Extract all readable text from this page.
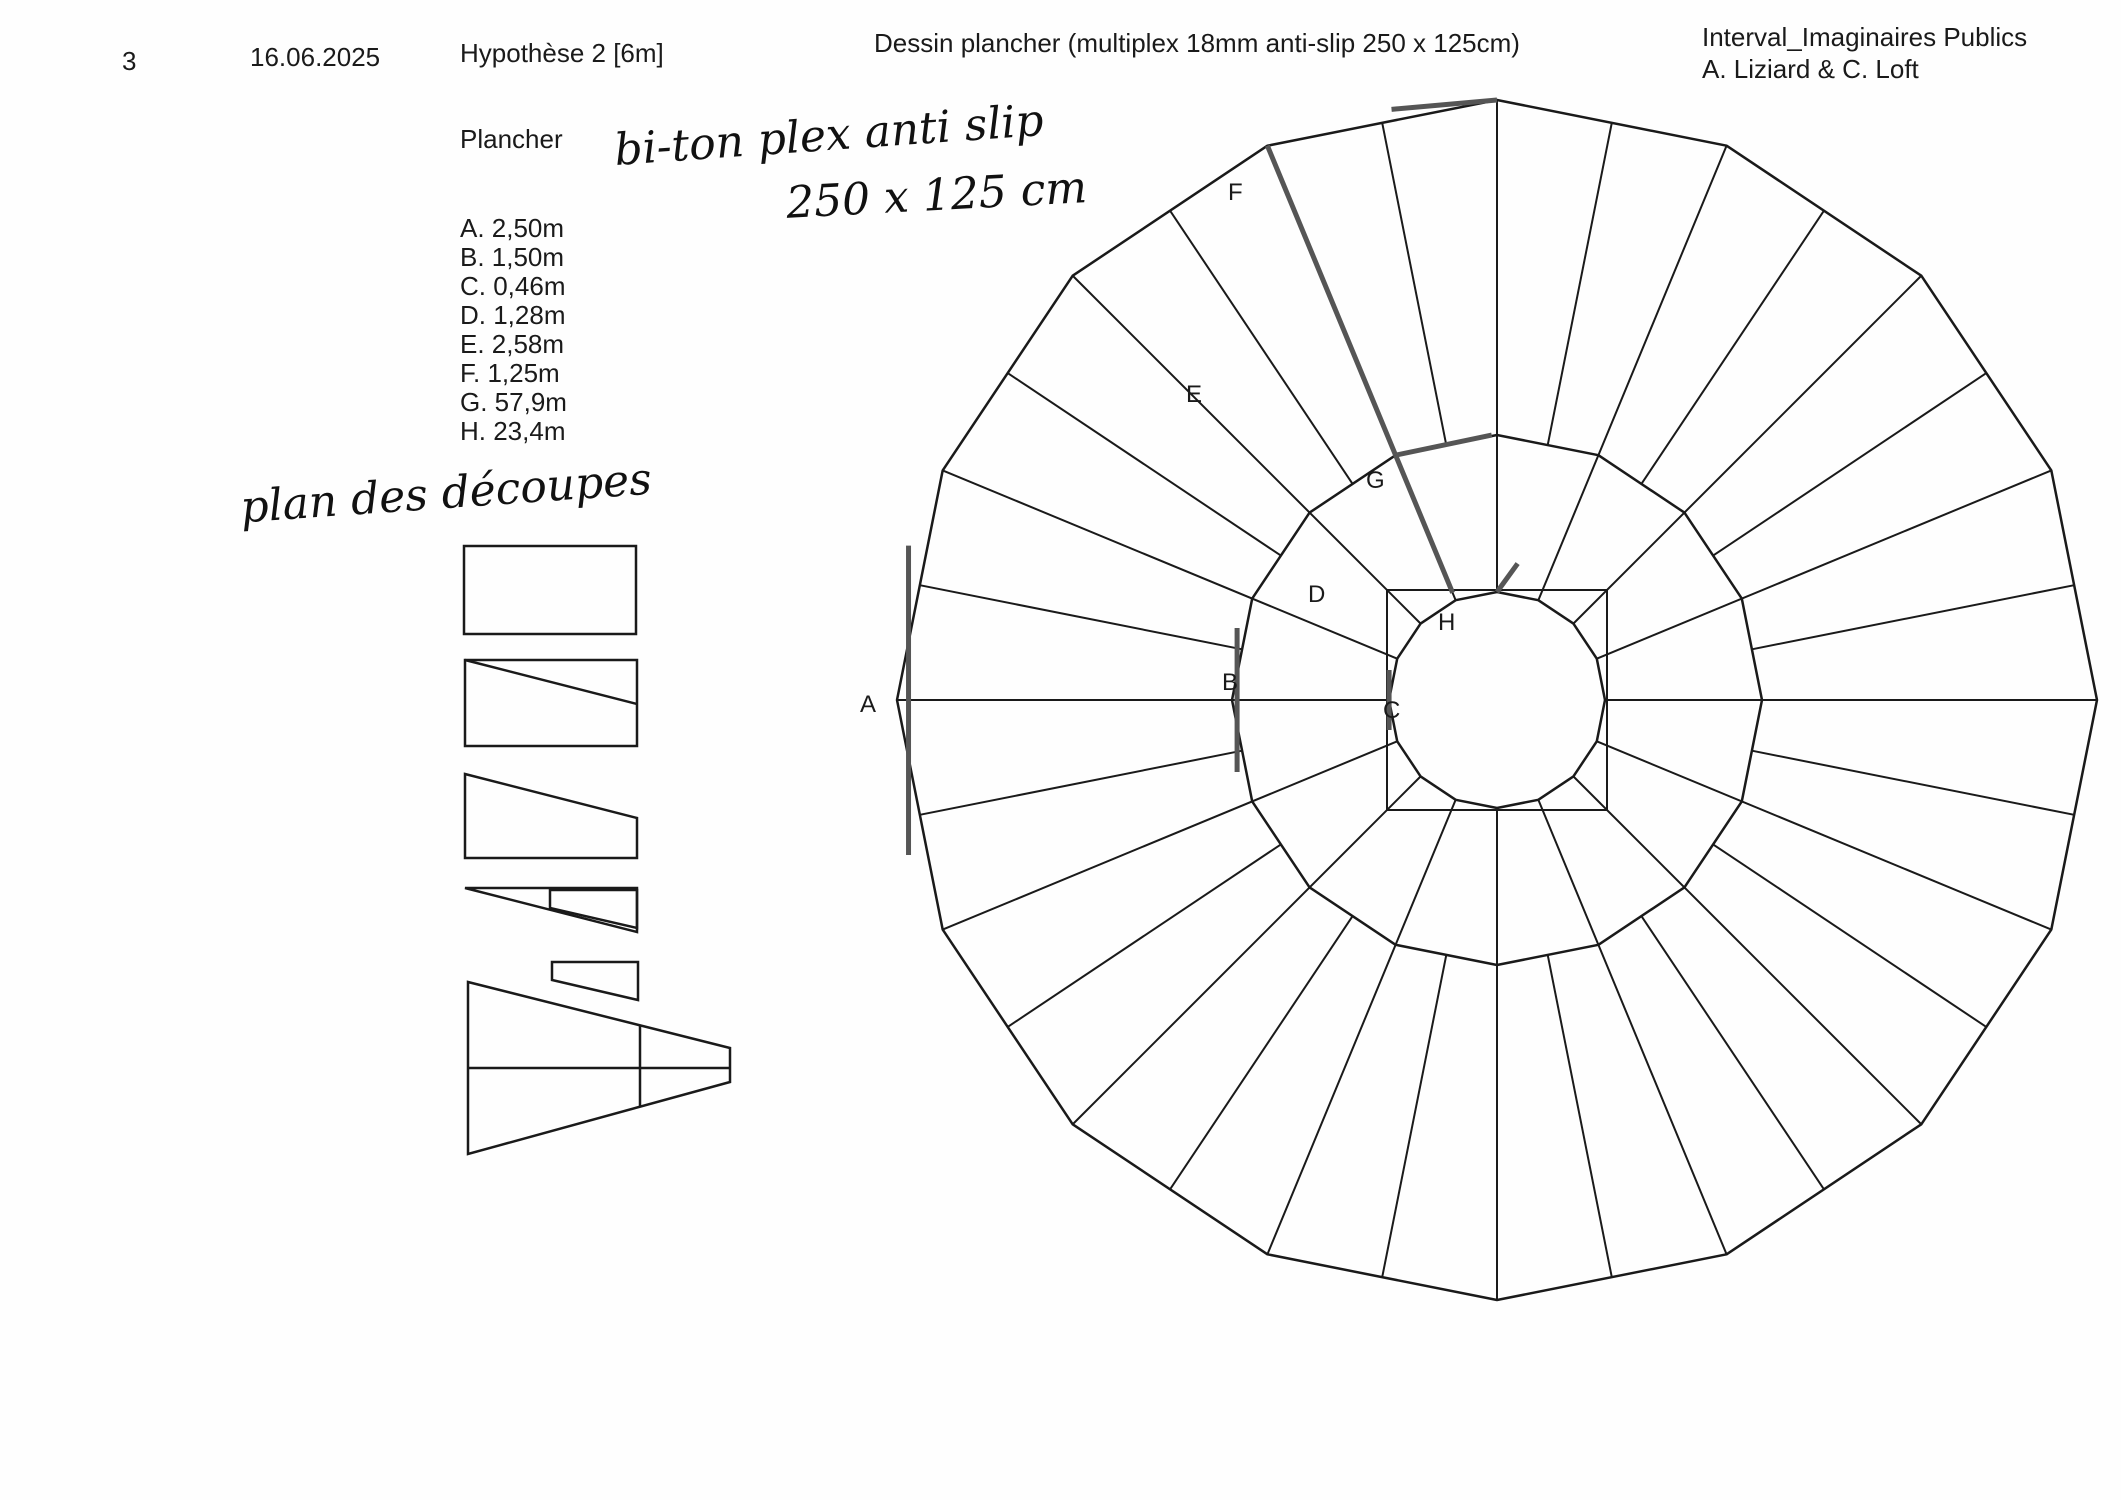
3	16.06.2025	Hypothèse 2 [6m]	Dessin plancher (multiplex 18mm anti-slip 250 x 125cm)	Interval_Imaginaires Publics
A. Liziard & C. Loft
Plancher bi-ton plex anti slip
250 x 125 cm
plan des découpes
A. 2,50m
B. 1,50m
C. 0,46m
D. 1,28m
E. 2,58m
F. 1,25m
G. 57,9m
H. 23,4m
A
B
C
D
E
F
G
H
